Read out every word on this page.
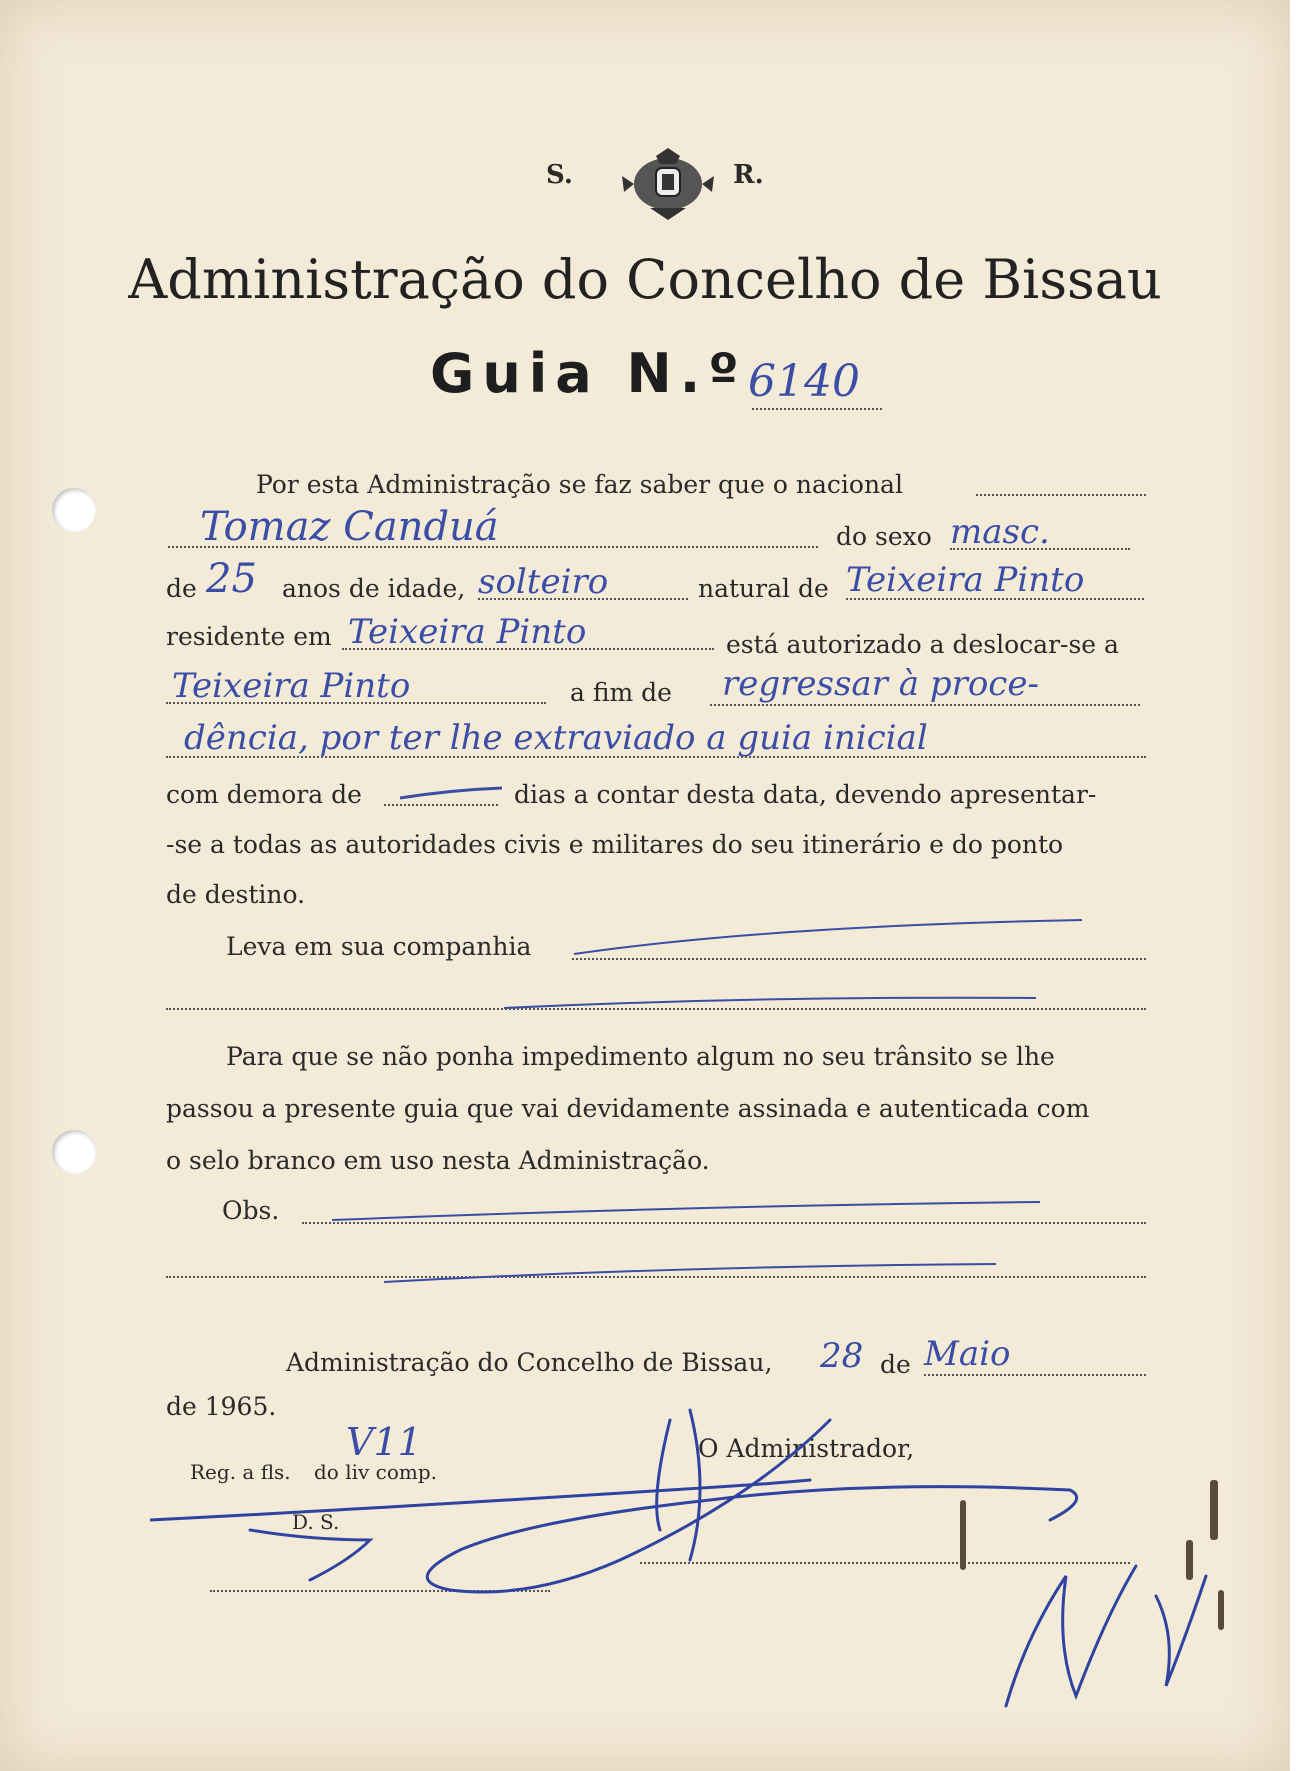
S.	R.
Administração do Concelho de Bissau
Guia N.º 6140
Por esta Administração se faz saber que o nacional
Tomaz Canduá	do sexo masc.
de 25 anos de idade, solteiro	natural de Teixeira Pinto
residente em Teixeira Pinto	está autorizado a deslocar-se a
Teixeira Pinto	a fim de regressar à proce-
dência, por ter lhe extraviado a guia inicial
com demora de	dias a contar desta data, devendo apresentar-
-se a todas as autoridades civis e militares do seu itinerário e do ponto
de destino.
Leva em sua companhia
Para que se não ponha impedimento algum no seu trânsito se lhe
passou a presente guia que vai devidamente assinada e autenticada com
o selo branco em uso nesta Administração.
Obs.
Administração do Concelho de Bissau, 28 de Maio
de 1965.
Reg. a fls.
V11
do liv comp.
O Administrador,
D. S.
